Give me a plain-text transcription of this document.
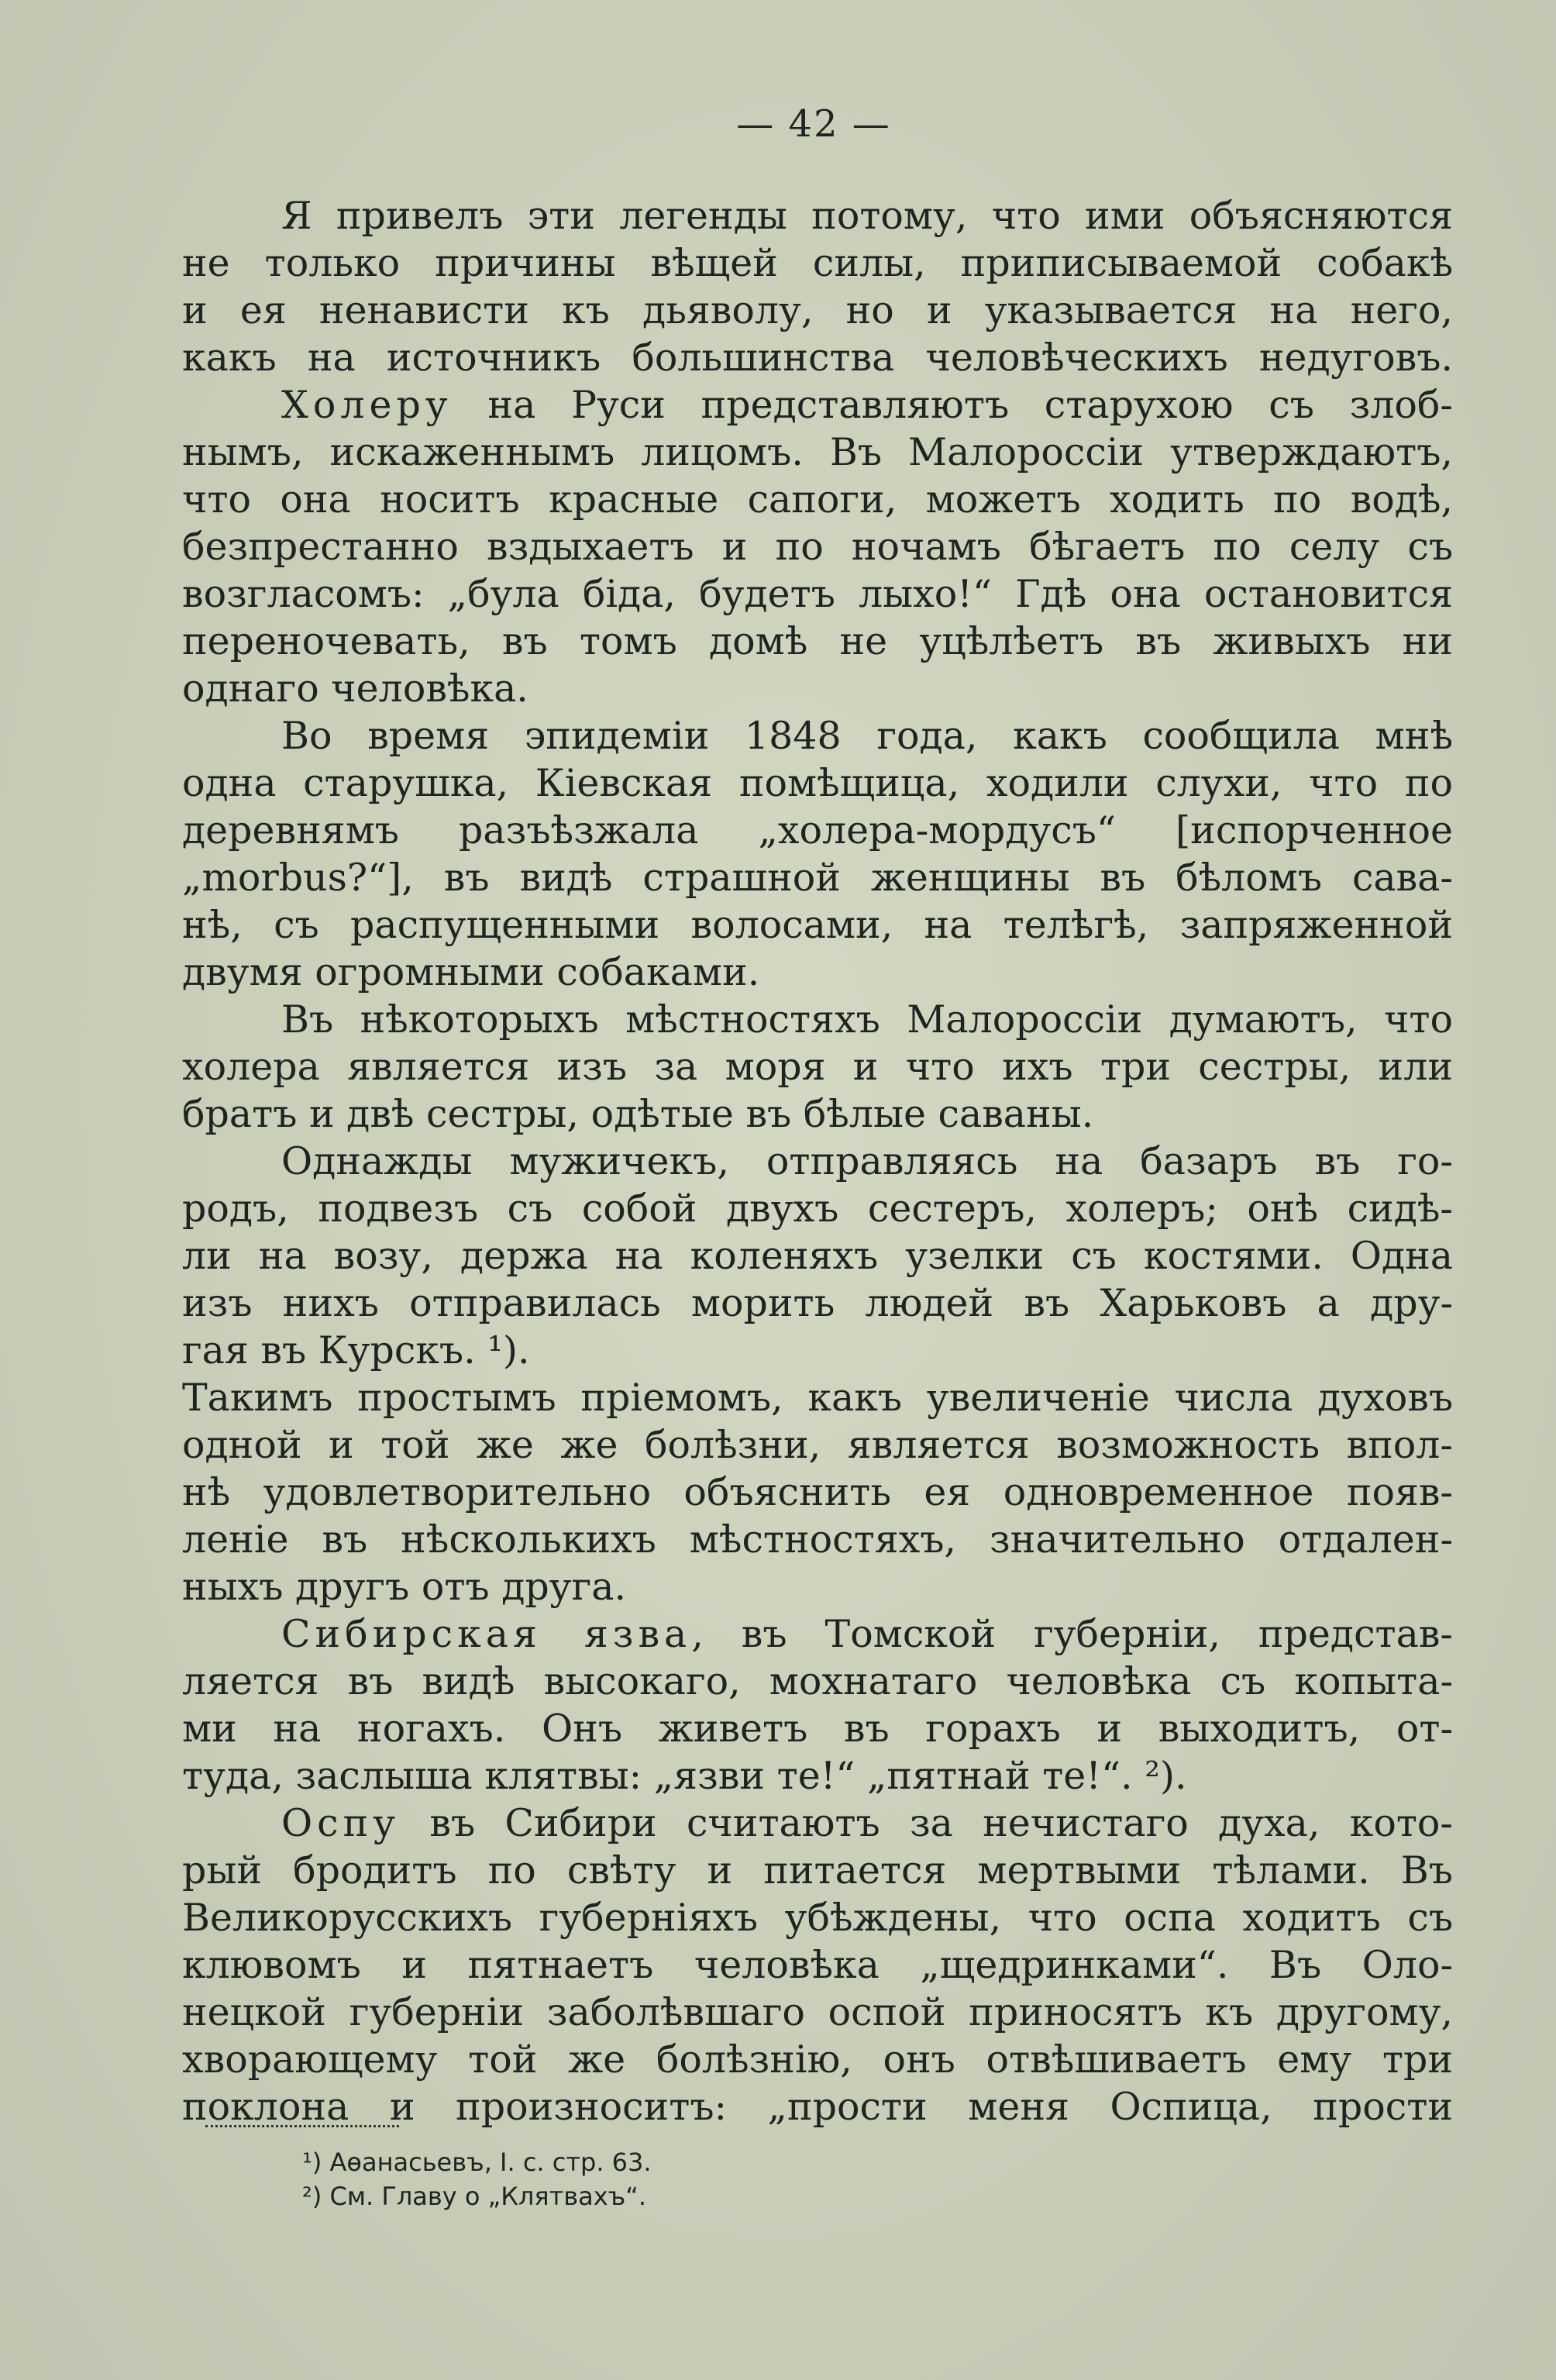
— 42 —
Я привелъ эти легенды потому, что ими объясняются
не только причины вѣщей силы, приписываемой собакѣ
и ея ненависти къ дьяволу, но и указывается на него,
какъ на источникъ большинства человѣческихъ недуговъ.
Холеру на Руси представляютъ старухою съ злоб-
нымъ, искаженнымъ лицомъ. Въ Малороссіи утверждаютъ,
что она носитъ красные сапоги, можетъ ходить по водѣ,
безпрестанно вздыхаетъ и по ночамъ бѣгаетъ по селу съ
возгласомъ: „була біда, будетъ лыхо!“ Гдѣ она остановится
переночевать, въ томъ домѣ не уцѣлѣетъ въ живыхъ ни
однаго человѣка.
Во время эпидеміи 1848 года, какъ сообщила мнѣ
одна старушка, Кіевская помѣщица, ходили слухи, что по
деревнямъ разъѣзжала „холера-мордусъ“ [испорченное
„morbus?“], въ видѣ страшной женщины въ бѣломъ сава-
нѣ, съ распущенными волосами, на телѣгѣ, запряженной
двумя огромными собаками.
Въ нѣкоторыхъ мѣстностяхъ Малороссіи думаютъ, что
холера является изъ за моря и что ихъ три сестры, или
братъ и двѣ сестры, одѣтые въ бѣлые саваны.
Однажды мужичекъ, отправляясь на базаръ въ го-
родъ, подвезъ съ собой двухъ сестеръ, холеръ; онѣ сидѣ-
ли на возу, держа на коленяхъ узелки съ костями. Одна
изъ нихъ отправилась морить людей въ Харьковъ а дру-
гая въ Курскъ. ¹).
Такимъ простымъ пріемомъ, какъ увеличеніе числа духовъ
одной и той же же болѣзни, является возможность впол-
нѣ удовлетворительно объяснить ея одновременное появ-
леніе въ нѣсколькихъ мѣстностяхъ, значительно отдален-
ныхъ другъ отъ друга.
Сибирская язва, въ Томской губерніи, представ-
ляется въ видѣ высокаго, мохнатаго человѣка съ копыта-
ми на ногахъ. Онъ живетъ въ горахъ и выходитъ, от-
туда, заслыша клятвы: „язви те!“ „пятнай те!“. ²).
Оспу въ Сибири считаютъ за нечистаго духа, кото-
рый бродитъ по свѣту и питается мертвыми тѣлами. Въ
Великорусскихъ губерніяхъ убѣждены, что оспа ходитъ съ
клювомъ и пятнаетъ человѣка „щедринками“. Въ Оло-
нецкой губерніи заболѣвшаго оспой приносятъ къ другому,
хворающему той же болѣзнію, онъ отвѣшиваетъ ему три
поклона и произноситъ: „прости меня Оспица, прости
¹) Аѳанасьевъ, I. с. стр. 63.
²) См. Главу о „Клятвахъ“.
